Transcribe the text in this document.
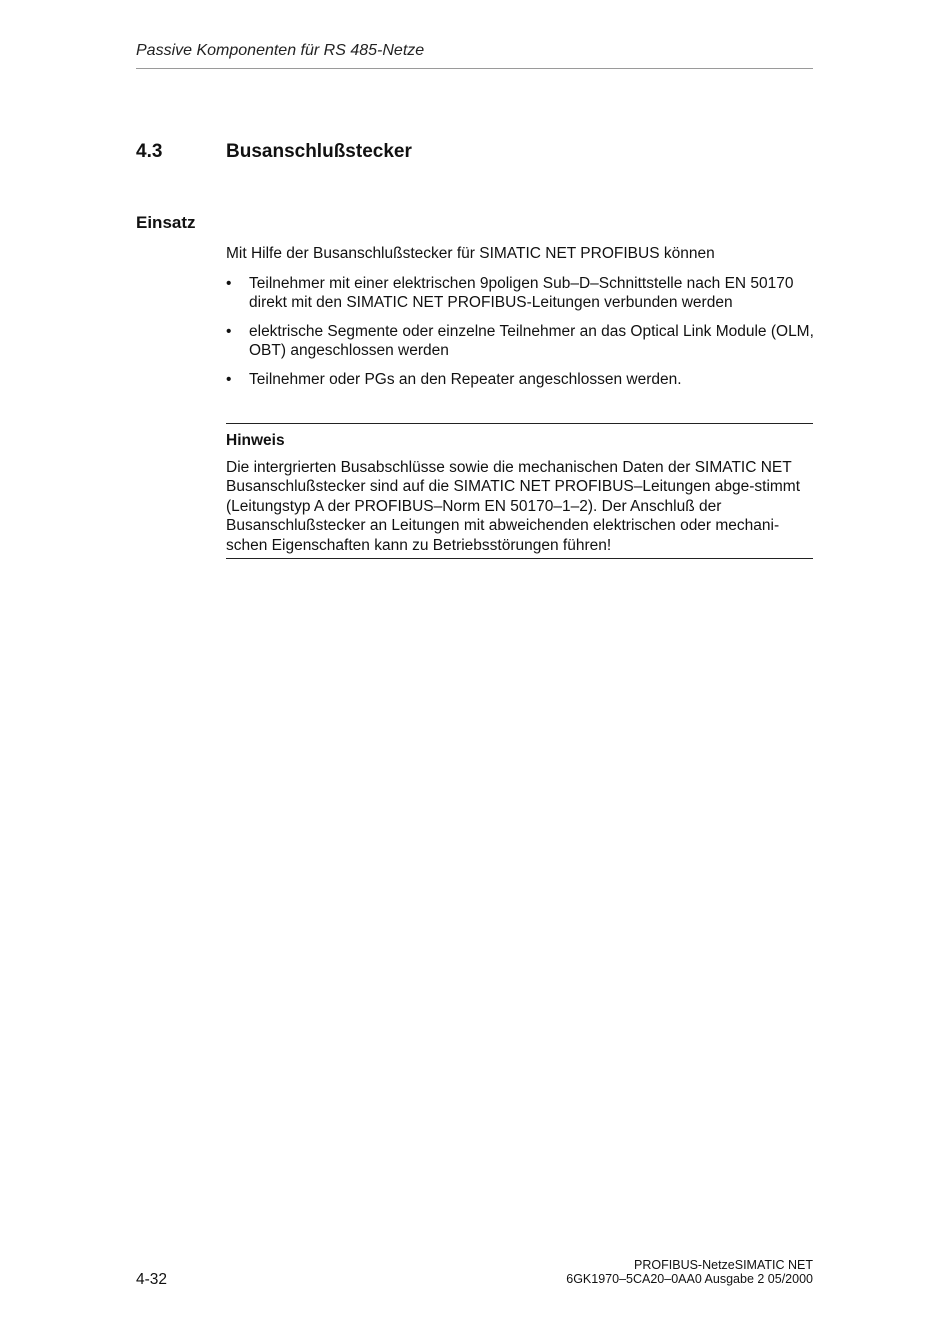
Passive Komponenten für RS 485-Netze
4.3	Busanschlußstecker
Einsatz

Mit Hilfe der Busanschlußstecker für SIMATIC NET PROFIBUS können

• Teilnehmer mit einer elektrischen 9poligen Sub–D–Schnittstelle nach EN 50170 direkt mit den SIMATIC NET PROFIBUS-Leitungen verbunden werden
• elektrische Segmente oder einzelne Teilnehmer an das Optical Link Module (OLM, OBT) angeschlossen werden
• Teilnehmer oder PGs an den Repeater angeschlossen werden.
Hinweis

Die intergrierten Busabschlüsse sowie die mechanischen Daten der SIMATIC NET Busanschlußstecker sind auf die SIMATIC NET PROFIBUS–Leitungen abge-stimmt (Leitungstyp A der PROFIBUS–Norm EN 50170–1–2). Der Anschluß der Busanschlußstecker an Leitungen mit abweichenden elektrischen oder mechani-schen Eigenschaften kann zu Betriebsstörungen führen!

4-32
PROFIBUS-NetzeSIMATIC NET
6GK1970–5CA20–0AA0 Ausgabe 2 05/2000
